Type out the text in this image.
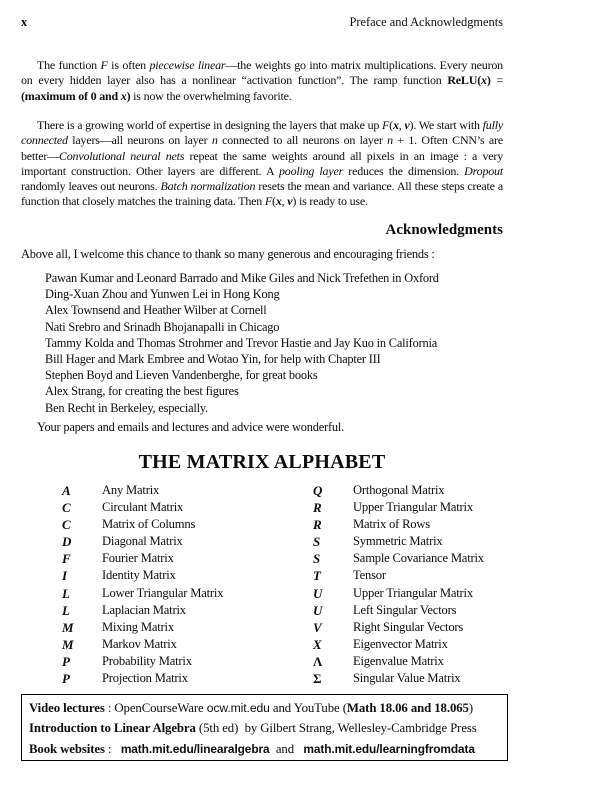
x	Preface and Acknowledgments

The function F is often piecewise linear—the weights go into matrix multiplications. Every neuron on every hidden layer also has a nonlinear “activation function”. The ramp function ReLU(x) = (maximum of 0 and x) is now the overwhelming favorite.

There is a growing world of expertise in designing the layers that make up F(x, v). We start with fully connected layers—all neurons on layer n connected to all neurons on layer n + 1. Often CNN’s are better—Convolutional neural nets repeat the same weights around all pixels in an image : a very important construction. Other layers are different. A pooling layer reduces the dimension. Dropout randomly leaves out neurons. Batch normalization resets the mean and variance. All these steps create a function that closely matches the training data. Then F(x, v) is ready to use.

Acknowledgments
Above all, I welcome this chance to thank so many generous and encouraging friends :
Pawan Kumar and Leonard Barrado and Mike Giles and Nick Trefethen in Oxford
Ding-Xuan Zhou and Yunwen Lei in Hong Kong
Alex Townsend and Heather Wilber at Cornell
Nati Srebro and Srinadh Bhojanapalli in Chicago
Tammy Kolda and Thomas Strohmer and Trevor Hastie and Jay Kuo in California
Bill Hager and Mark Embree and Wotao Yin, for help with Chapter III
Stephen Boyd and Lieven Vandenberghe, for great books
Alex Strang, for creating the best figures
Ben Recht in Berkeley, especially.
Your papers and emails and lectures and advice were wonderful.
THE MATRIX ALPHABET
A	Any Matrix
C	Circulant Matrix
C	Matrix of Columns
D	Diagonal Matrix
F	Fourier Matrix
I	Identity Matrix
L	Lower Triangular Matrix
L	Laplacian Matrix
M	Mixing Matrix
M	Markov Matrix
P	Probability Matrix
P	Projection Matrix
Q	Orthogonal Matrix
R	Upper Triangular Matrix
R	Matrix of Rows
S	Symmetric Matrix
S	Sample Covariance Matrix
T	Tensor
U	Upper Triangular Matrix
U	Left Singular Vectors
V	Right Singular Vectors
X	Eigenvector Matrix
Λ	Eigenvalue Matrix
Σ	Singular Value Matrix
Video lectures : OpenCourseWare ocw.mit.edu and YouTube (Math 18.06 and 18.065)
Introduction to Linear Algebra (5th ed) by Gilbert Strang, Wellesley-Cambridge Press
Book websites :  math.mit.edu/linearalgebra and  math.mit.edu/learningfromdata
